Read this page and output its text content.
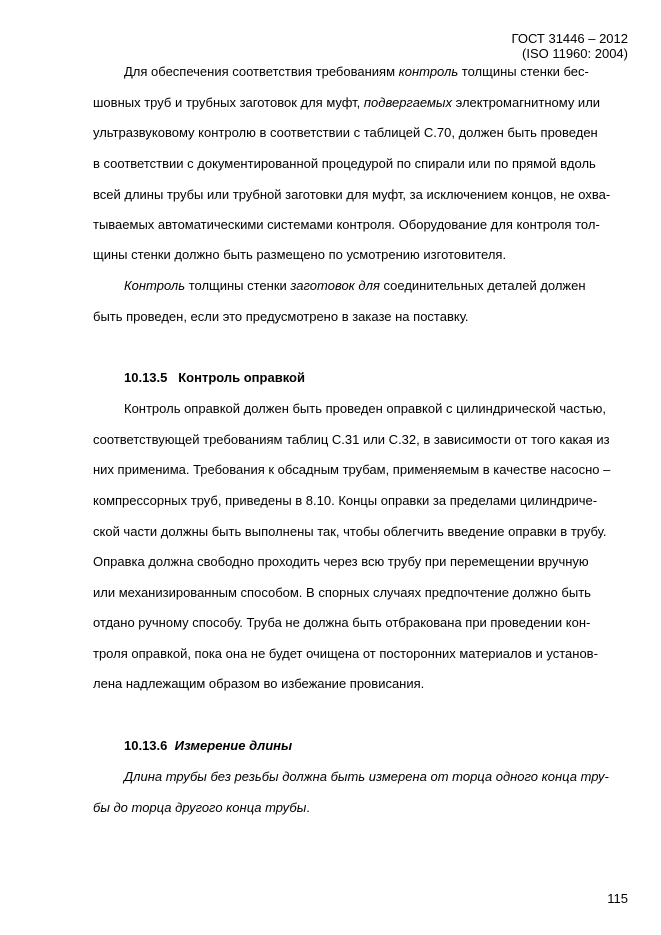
ГОСТ 31446 – 2012
(ISO 11960: 2004)
Для обеспечения соответствия требованиям контроль толщины стенки бес-
шовных труб и трубных заготовок для муфт, подвергаемых электромагнитному или
ультразвуковому контролю в соответствии с таблицей С.70, должен быть проведен
в соответствии с документированной процедурой по спирали или по прямой вдоль
всей длины трубы или трубной заготовки для муфт, за исключением концов, не охва-
тываемых автоматическими системами контроля. Оборудование для контроля тол-
щины стенки должно быть размещено по усмотрению изготовителя.
Контроль толщины стенки заготовок для соединительных деталей должен
быть проведен, если это предусмотрено в заказе на поставку.
10.13.5 Контроль оправкой
Контроль оправкой должен быть проведен оправкой с цилиндрической частью,
соответствующей требованиям таблиц С.31 или С.32, в зависимости от того какая из
них применима. Требования к обсадным трубам, применяемым в качестве насосно –
компрессорных труб, приведены в 8.10. Концы оправки за пределами цилиндриче-
ской части должны быть выполнены так, чтобы облегчить введение оправки в трубу.
Оправка должна свободно проходить через всю трубу при перемещении вручную
или механизированным способом. В спорных случаях предпочтение должно быть
отдано ручному способу. Труба не должна быть отбракована при проведении кон-
троля оправкой, пока она не будет очищена от посторонних материалов и установ-
лена надлежащим образом во избежание провисания.
10.13.6 Измерение длины
Длина трубы без резьбы должна быть измерена от торца одного конца тру-
бы до торца другого конца трубы.
115
